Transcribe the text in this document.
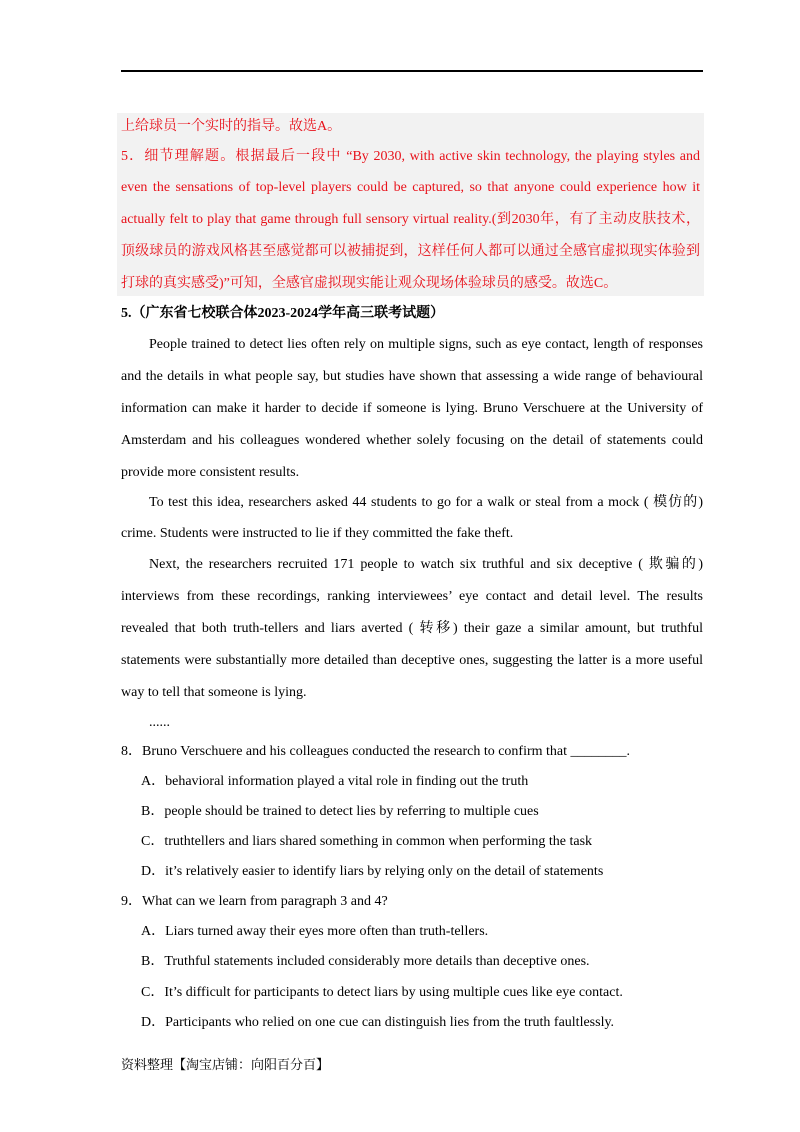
上给球员一个实时的指导。故选A。
5．细节理解题。根据最后一段中 “By 2030, with active skin technology, the playing styles and
even the sensations of top-level players could be captured, so that anyone could experience how it
actually felt to play that game through full sensory virtual reality.(到2030年，有了主动皮肤技术，
顶级球员的游戏风格甚至感觉都可以被捕捉到，这样任何人都可以通过全感官虚拟现实体验到
打球的真实感受)”可知，全感官虚拟现实能让观众现场体验球员的感受。故选C。
5.（广东省七校联合体2023-2024学年高三联考试题）
People trained to detect lies often rely on multiple signs, such as eye contact, length of responses
and the details in what people say, but studies have shown that assessing a wide range of behavioural
information can make it harder to decide if someone is lying. Bruno Verschuere at the University of
Amsterdam and his colleagues wondered whether solely focusing on the detail of statements could
provide more consistent results.
To test this idea, researchers asked 44 students to go for a walk or steal from a mock ( 模仿的)
crime. Students were instructed to lie if they committed the fake theft.
Next, the researchers recruited 171 people to watch six truthful and six deceptive ( 欺骗的)
interviews from these recordings, ranking interviewees’ eye contact and detail level. The results
revealed that both truth-tellers and liars averted ( 转移) their gaze a similar amount, but truthful
statements were substantially more detailed than deceptive ones, suggesting the latter is a more useful
way to tell that someone is lying.
......
8．Bruno Verschuere and his colleagues conducted the research to confirm that ________.
A．behavioral information played a vital role in finding out the truth
B．people should be trained to detect lies by referring to multiple cues
C．truthtellers and liars shared something in common when performing the task
D．it’s relatively easier to identify liars by relying only on the detail of statements
9．What can we learn from paragraph 3 and 4?
A．Liars turned away their eyes more often than truth-tellers.
B．Truthful statements included considerably more details than deceptive ones.
C．It’s difficult for participants to detect liars by using multiple cues like eye contact.
D．Participants who relied on one cue can distinguish lies from the truth faultlessly.
资料整理【淘宝店铺：向阳百分百】
